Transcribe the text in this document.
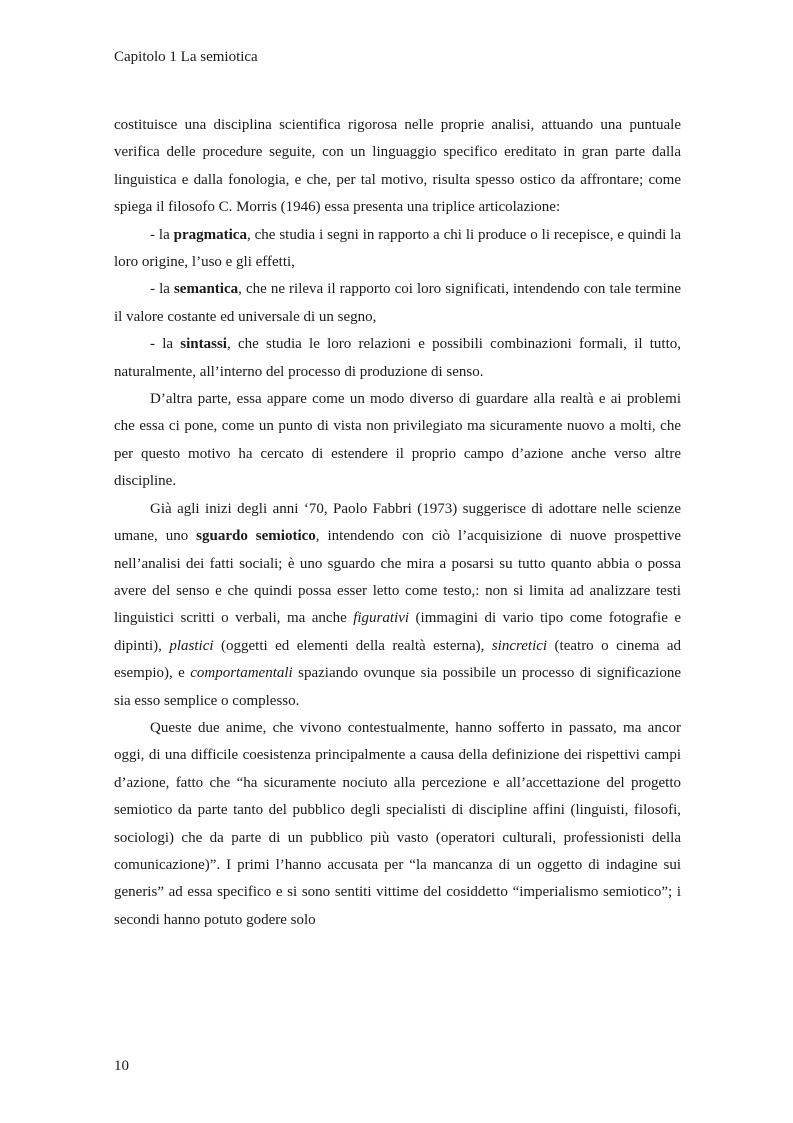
Capitolo 1 La semiotica

costituisce una disciplina scientifica rigorosa nelle proprie analisi, attuando una puntuale verifica delle procedure seguite, con un linguaggio specifico ereditato in gran parte dalla linguistica e dalla fonologia, e che, per tal motivo, risulta spesso ostico da affrontare; come spiega il filosofo C. Morris (1946) essa presenta una triplice articolazione:

- la pragmatica, che studia i segni in rapporto a chi li produce o li recepisce, e quindi la loro origine, l’uso e gli effetti,

- la semantica, che ne rileva il rapporto coi loro significati, intendendo con tale termine il valore costante ed universale di un segno,

- la sintassi, che studia le loro relazioni e possibili combinazioni formali, il tutto, naturalmente, all’interno del processo di produzione di senso.

D’altra parte, essa appare come un modo diverso di guardare alla realtà e ai problemi che essa ci pone, come un punto di vista non privilegiato ma sicuramente nuovo a molti, che per questo motivo ha cercato di estendere il proprio campo d’azione anche verso altre discipline.

Già agli inizi degli anni ‘70, Paolo Fabbri (1973) suggerisce di adottare nelle scienze umane, uno sguardo semiotico, intendendo con ciò l’acquisizione di nuove prospettive nell’analisi dei fatti sociali; è uno sguardo che mira a posarsi su tutto quanto abbia o possa avere del senso e che quindi possa esser letto come testo,: non si limita ad analizzare testi linguistici scritti o verbali, ma anche figurativi (immagini di vario tipo come fotografie e dipinti), plastici (oggetti ed elementi della realtà esterna), sincretici (teatro o cinema ad esempio), e comportamentali spaziando ovunque sia possibile un processo di significazione sia esso semplice o complesso.

Queste due anime, che vivono contestualmente, hanno sofferto in passato, ma ancor oggi, di una difficile coesistenza principalmente a causa della definizione dei rispettivi campi d’azione, fatto che “ha sicuramente nociuto alla percezione e all’accettazione del progetto semiotico da parte tanto del pubblico degli specialisti di discipline affini (linguisti, filosofi, sociologi) che da parte di un pubblico più vasto (operatori culturali, professionisti della comunicazione)”. I primi l’hanno accusata per “la mancanza di un oggetto di indagine sui generis” ad essa specifico e si sono sentiti vittime del cosiddetto “imperialismo semiotico”; i secondi hanno potuto godere solo

10
